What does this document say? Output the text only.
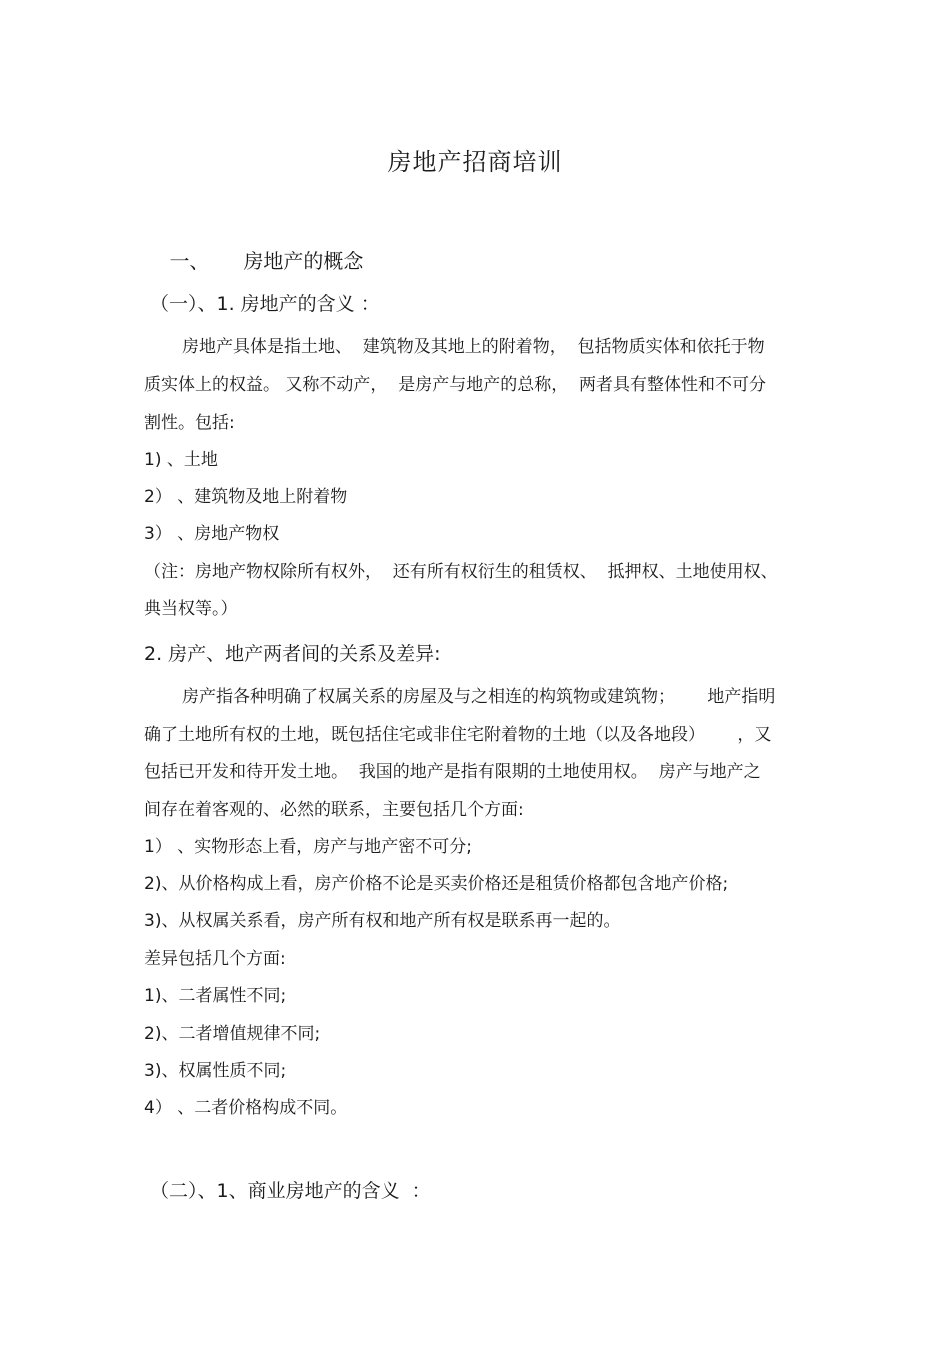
房地产招商培训

一、 房地产的概念

（一）、1. 房地产的含义 ：
房地产具体是指土地、  建筑物及其地上的附着物，  包括物质实体和依托于物
质实体上的权益。 又称不动产，  是房产与地产的总称，  两者具有整体性和不可分
割性。包括:
1) 、土地
2） 、建筑物及地上附着物
3） 、房地产物权
（注：房地产物权除所有权外，  还有所有权衍生的租赁权、  抵押权、土地使用权、
典当权等。）
2. 房产、地产两者间的关系及差异:
房产指各种明确了权属关系的房屋及与之相连的构筑物或建筑物；      地产指明
确了土地所有权的土地，既包括住宅或非住宅附着物的土地（以及各地段）      ，又
包括已开发和待开发土地。  我国的地产是指有限期的土地使用权。  房产与地产之
间存在着客观的、必然的联系，主要包括几个方面:
1） 、实物形态上看，房产与地产密不可分;
2)、从价格构成上看，房产价格不论是买卖价格还是租赁价格都包含地产价格;
3)、从权属关系看，房产所有权和地产所有权是联系再一起的。
差异包括几个方面:
1)、二者属性不同;
2)、二者增值规律不同;
3)、权属性质不同;
4） 、二者价格构成不同。
（二）、1、商业房地产的含义  ：
